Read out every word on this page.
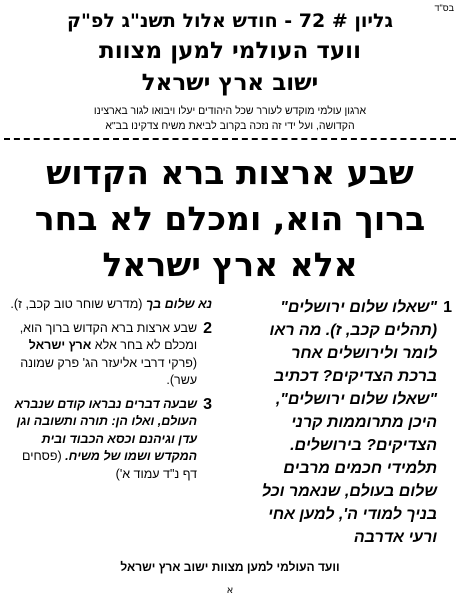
בס"ד
גליון # 72 - חודש אלול תשנ"ג לפ"ק
וועד העולמי למען מצוות
ישוב ארץ ישראל
ארגון עולמי מוקדש לעורר שכל היהודים יעלו ויבואו לגור בארצינו
הקדושה, ועל ידי זה נזכה בקרוב לביאת משיח צדקינו בב"א
שבע ארצות ברא הקדוש
ברוך הוא, ומכלם לא בחר
אלא ארץ ישראל
1
"שאלו שלום ירושלים" (תהלים קכב, ז). מה ראו לומר ולירושלים אחר ברכת הצדיקים? דכתיב "שאלו שלום ירושלים", היכן מתרוממות קרני הצדיקים? בירושלים. תלמידי חכמים מרבים שלום בעולם, שנאמר וכל בניך למודי ה', למען אחי ורעי אדרבה
נא שלום בך (מדרש שוחר טוב קכב, ז).
2
שבע ארצות ברא הקדוש ברוך הוא, ומכלם לא בחר אלא ארץ ישראל (פרקי דרבי אליעזר הג' פרק שמונה עשר).
3
שבעה דברים נבראו קודם שנברא העולם, ואלו הן: תורה ותשובה וגן עדן וגיהנם וכסא הכבוד ובית המקדש ושמו של משיח. (פסחים דף נ"ד עמוד א')
וועד העולמי למען מצוות ישוב ארץ ישראל
א
